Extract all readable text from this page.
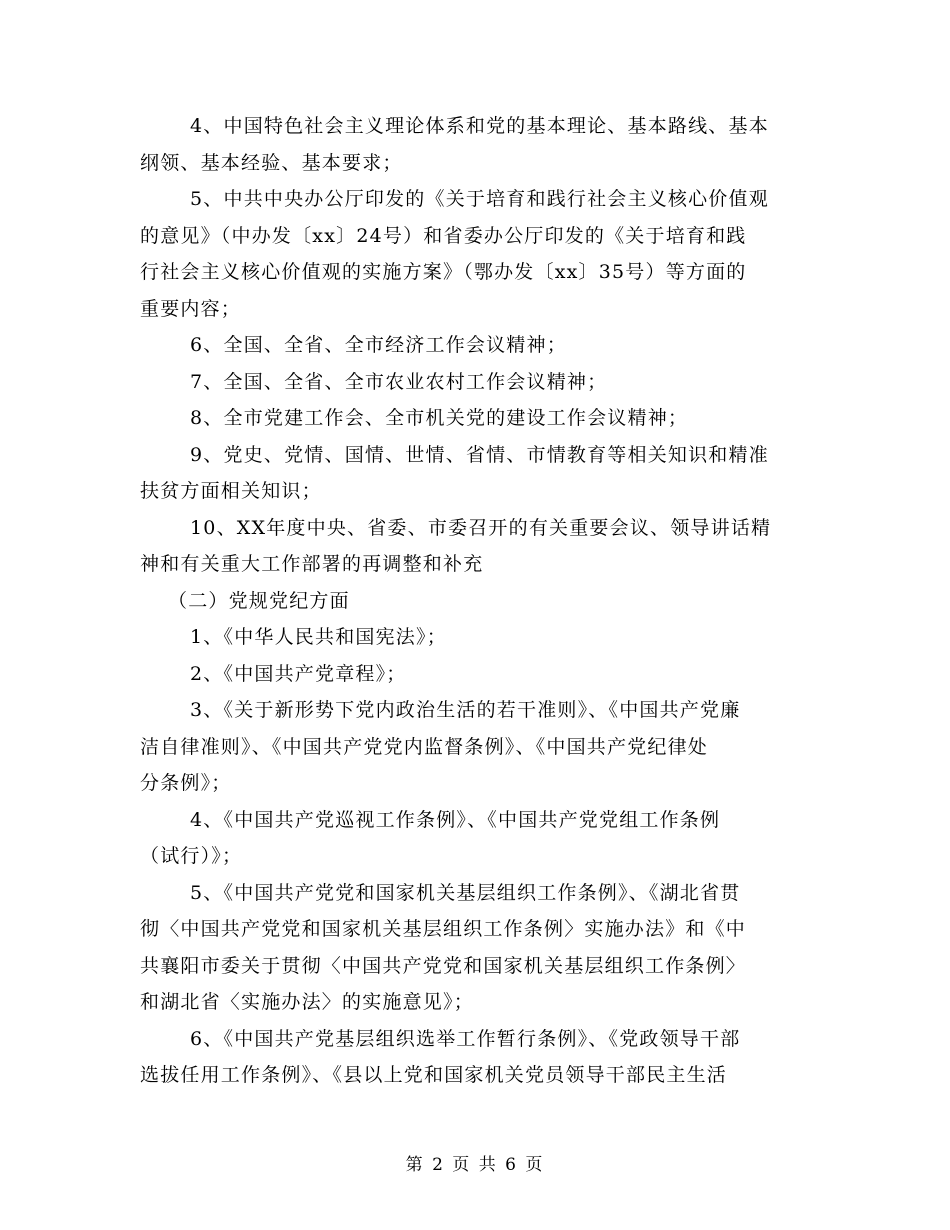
4、中国特色社会主义理论体系和党的基本理论、基本路线、基本
纲领、基本经验、基本要求；

5、中共中央办公厅印发的《关于培育和践行社会主义核心价值观
的意见》（中办发〔xx〕24号）和省委办公厅印发的《关于培育和践
行社会主义核心价值观的实施方案》（鄂办发〔xx〕35号）等方面的
重要内容；

6、全国、全省、全市经济工作会议精神；

7、全国、全省、全市农业农村工作会议精神；

8、全市党建工作会、全市机关党的建设工作会议精神；

9、党史、党情、国情、世情、省情、市情教育等相关知识和精准
扶贫方面相关知识；

10、XX年度中央、省委、市委召开的有关重要会议、领导讲话精
神和有关重大工作部署的再调整和补充

（二）党规党纪方面

1、《中华人民共和国宪法》；

2、《中国共产党章程》；

3、《关于新形势下党内政治生活的若干准则》、《中国共产党廉
洁自律准则》、《中国共产党党内监督条例》、《中国共产党纪律处
分条例》；

4、《中国共产党巡视工作条例》、《中国共产党党组工作条例
（试行）》；

5、《中国共产党党和国家机关基层组织工作条例》、《湖北省贯
彻〈中国共产党党和国家机关基层组织工作条例〉实施办法》和《中
共襄阳市委关于贯彻〈中国共产党党和国家机关基层组织工作条例〉
和湖北省〈实施办法〉的实施意见》；

6、《中国共产党基层组织选举工作暂行条例》、《党政领导干部
选拔任用工作条例》、《县以上党和国家机关党员领导干部民主生活

第 2 页 共 6 页
